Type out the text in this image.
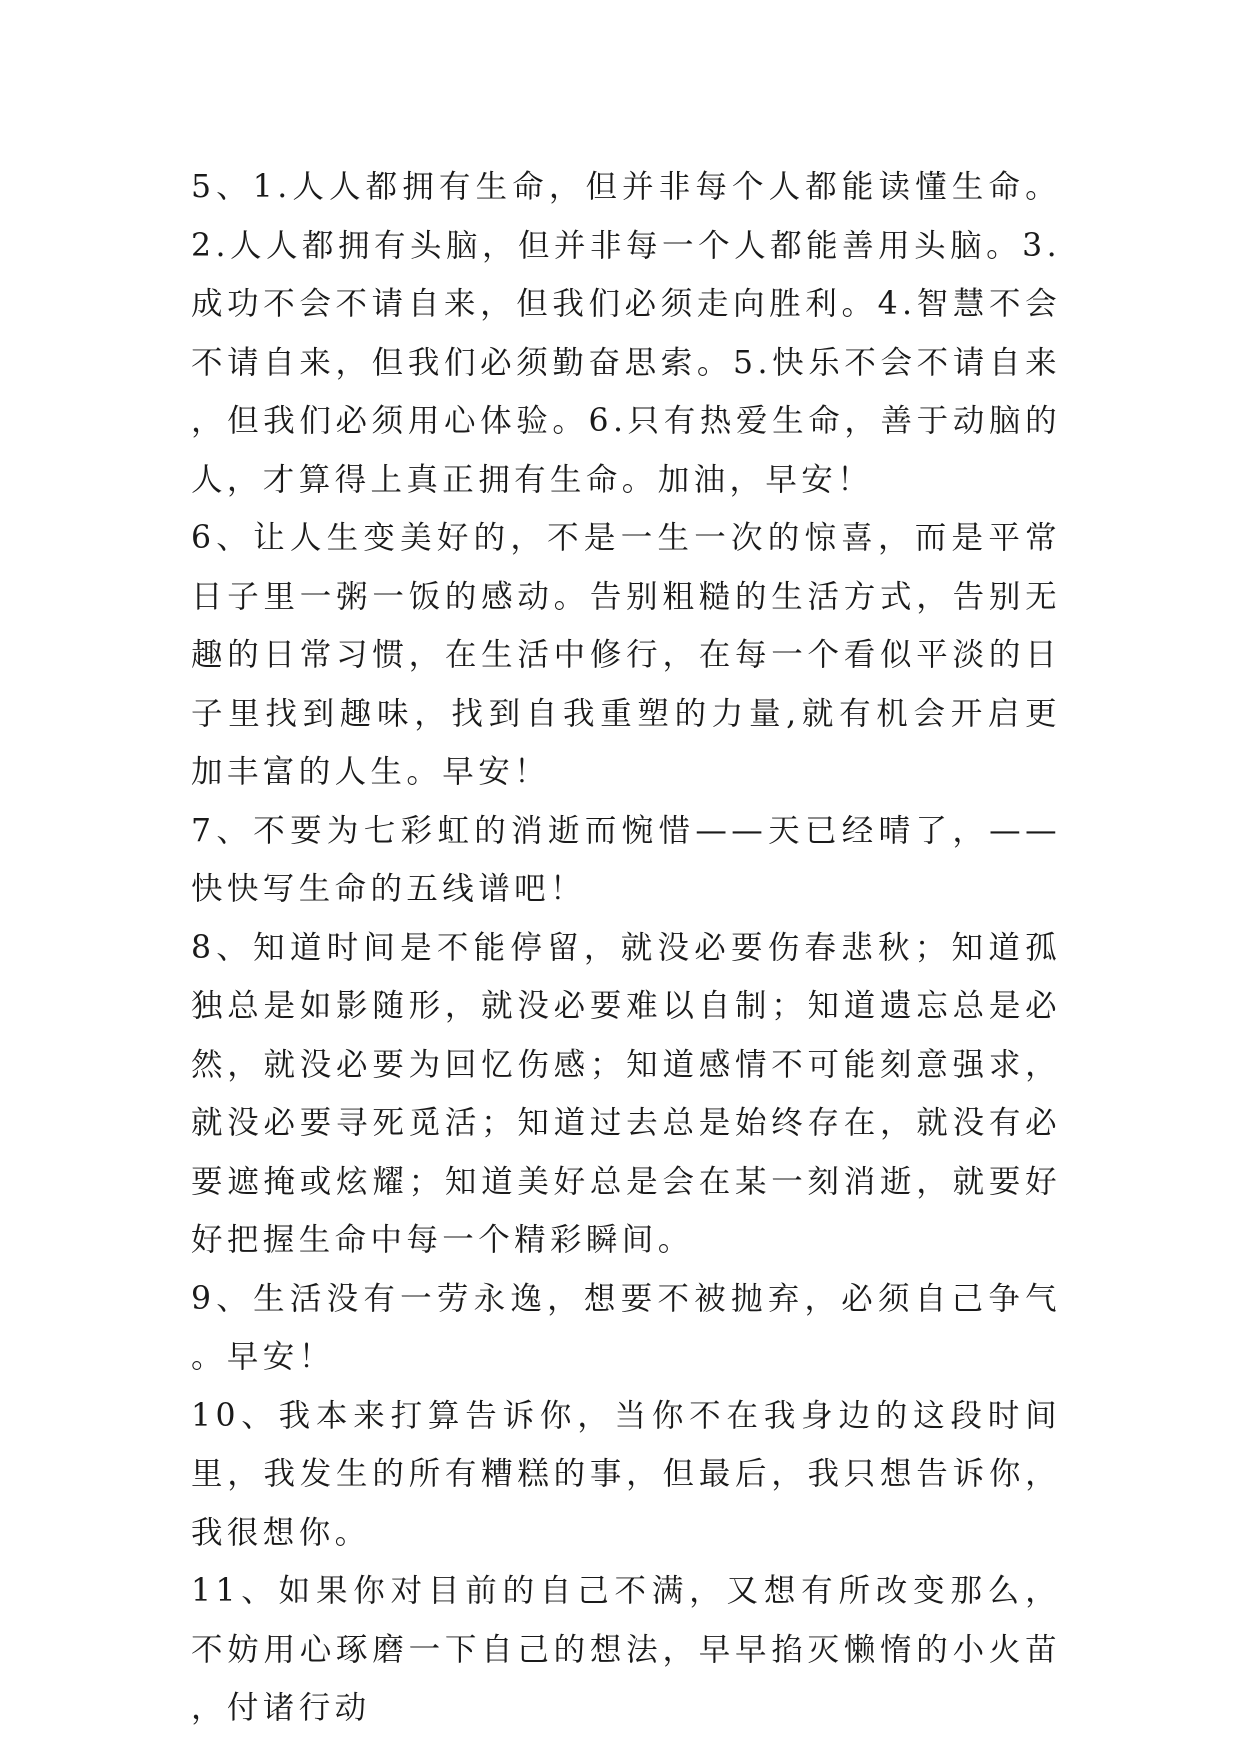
5、1.人人都拥有生命，但并非每个人都能读懂生命。2.人人都拥有头脑，但并非每一个人都能善用头脑。3.成功不会不请自来，但我们必须走向胜利。4.智慧不会不请自来，但我们必须勤奋思索。5.快乐不会不请自来，但我们必须用心体验。6.只有热爱生命，善于动脑的人，才算得上真正拥有生命。加油，早安！

6、让人生变美好的，不是一生一次的惊喜，而是平常日子里一粥一饭的感动。告别粗糙的生活方式，告别无趣的日常习惯，在生活中修行，在每一个看似平淡的日子里找到趣味，找到自我重塑的力量,就有机会开启更加丰富的人生。早安！

7、不要为七彩虹的消逝而惋惜——天已经晴了，——快快写生命的五线谱吧！

8、知道时间是不能停留，就没必要伤春悲秋；知道孤独总是如影随形，就没必要难以自制；知道遗忘总是必然，就没必要为回忆伤感；知道感情不可能刻意强求，就没必要寻死觅活；知道过去总是始终存在，就没有必要遮掩或炫耀；知道美好总是会在某一刻消逝，就要好好把握生命中每一个精彩瞬间。

9、生活没有一劳永逸，想要不被抛弃，必须自己争气。早安！

10、我本来打算告诉你，当你不在我身边的这段时间里，我发生的所有糟糕的事，但最后，我只想告诉你，我很想你。

11、如果你对目前的自己不满，又想有所改变那么，不妨用心琢磨一下自己的想法，早早掐灭懒惰的小火苗，付诸行动
